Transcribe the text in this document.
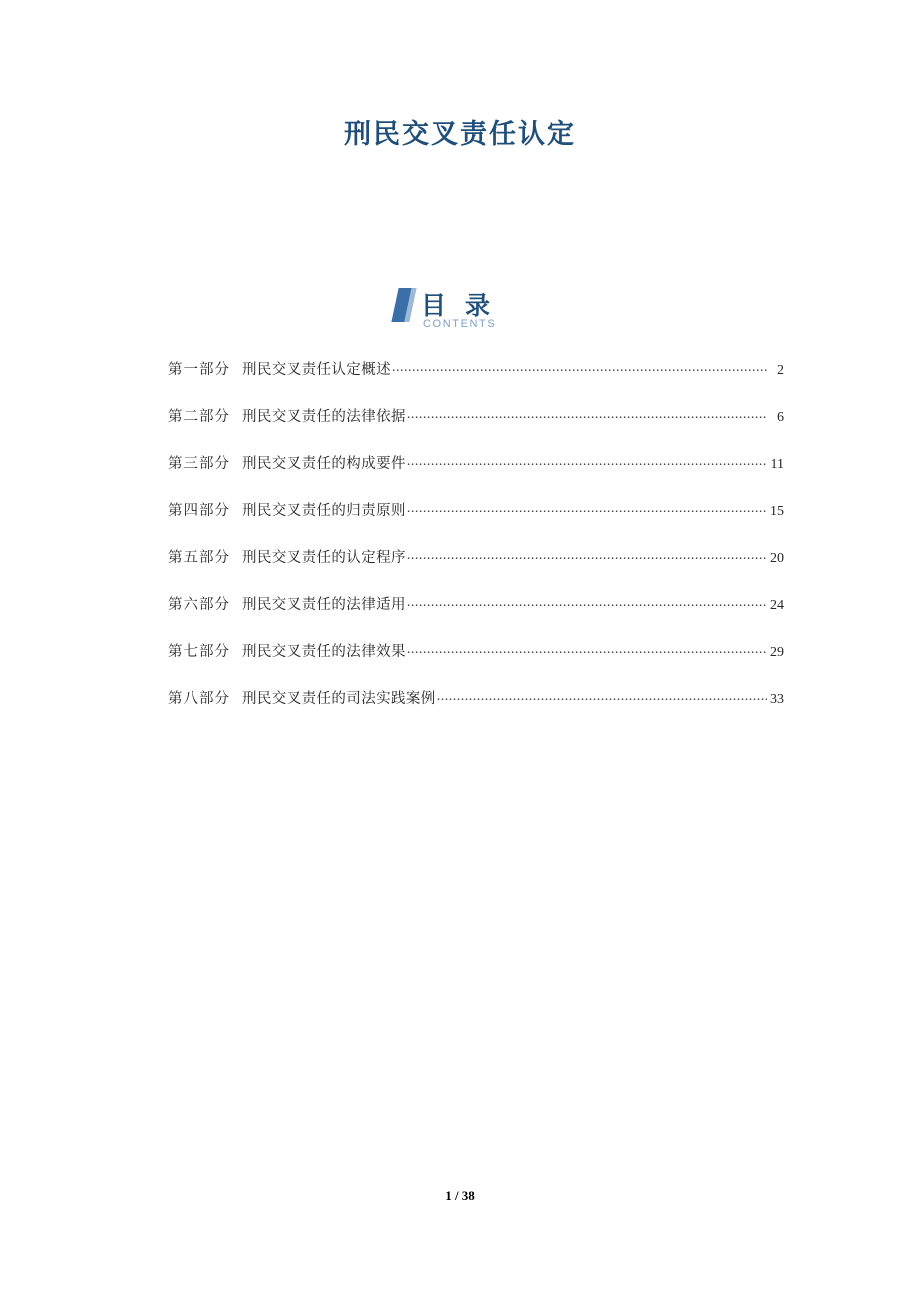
刑民交叉责任认定
目 录
CONTENTS
第一部分 刑民交叉责任认定概述 .....	2
第二部分 刑民交叉责任的法律依据 .....	6
第三部分 刑民交叉责任的构成要件 .....	11
第四部分 刑民交叉责任的归责原则 .....	15
第五部分 刑民交叉责任的认定程序 .....	20
第六部分 刑民交叉责任的法律适用 .....	24
第七部分 刑民交叉责任的法律效果 .....	29
第八部分 刑民交叉责任的司法实践案例 .....	33
1 / 38
